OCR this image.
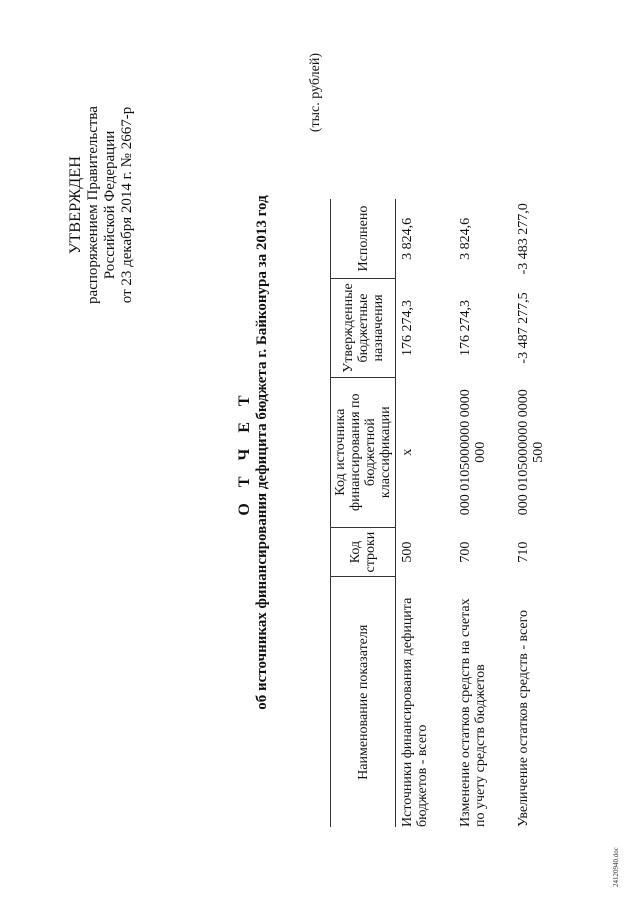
УТВЕРЖДЕН распоряжением Правительства Российской Федерации от 23 декабря 2014 г. № 2667-р
О Т Ч Е Т об источниках финансирования дефицита бюджета г. Байконура за 2013 год
(тыс. рублей)
Наименование показателя	Код строки	Код источника финансирования по бюджетной классификации	Утвержденные бюджетные назначения	Исполнено
Источники финансирования дефицита бюджетов - всего	500	х	176 274,3	3 824,6
Изменение остатков средств на счетах по учету средств бюджетов	700	000 0105000000 0000 000	176 274,3	3 824,6
Увеличение остатков средств - всего	710	000 0105000000 0000 500	-3 487 277,5	-3 483 277,0
24120940.doc
